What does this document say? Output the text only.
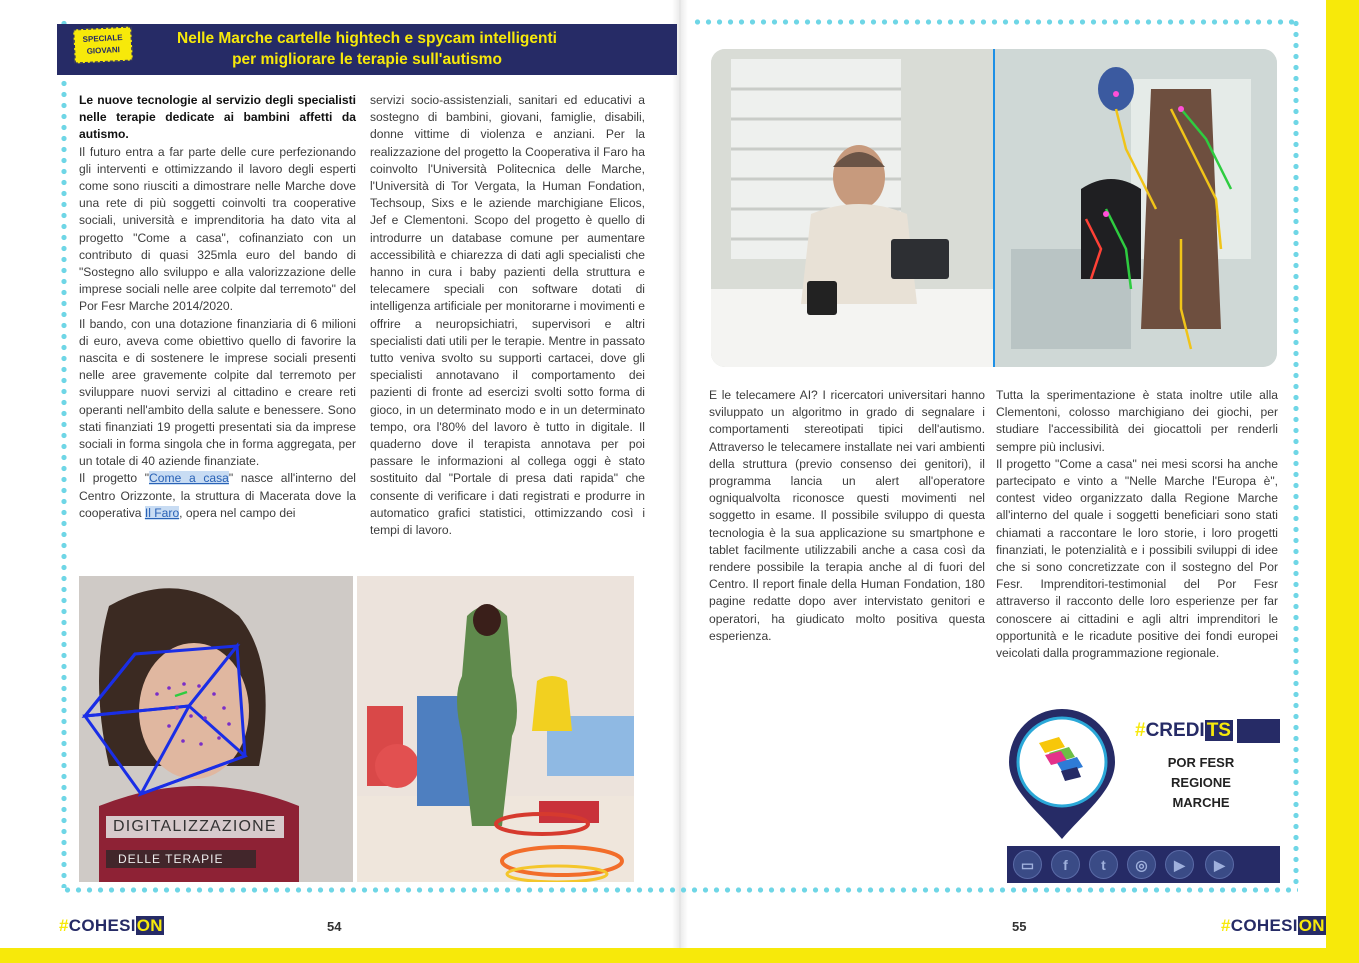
SPECIALE
GIOVANI
Nelle Marche cartelle hightech e spycam intelligenti
per migliorare le terapie sull'autismo

Le nuove tecnologie al servizio degli specialisti nelle terapie dedicate ai bambini affetti da autismo.

Il futuro entra a far parte delle cure perfezionando gli interventi e ottimizzando il lavoro degli esperti come sono riusciti a dimostrare nelle Marche dove una rete di più soggetti coinvolti tra cooperative sociali, università e imprenditoria ha dato vita al progetto "Come a casa", cofinanziato con un contributo di quasi 325mla euro del bando di "Sostegno allo sviluppo e alla valorizzazione delle imprese sociali nelle aree colpite dal terremoto" del Por Fesr Marche 2014/2020.

Il bando, con una dotazione finanziaria di 6 milioni di euro, aveva come obiettivo quello di favorire la nascita e di sostenere le imprese sociali presenti nelle aree gravemente colpite dal terremoto per sviluppare nuovi servizi al cittadino e creare reti operanti nell'ambito della salute e benessere. Sono stati finanziati 19 progetti presentati sia da imprese sociali in forma singola che in forma aggregata, per un totale di 40 aziende finanziate.

Il progetto "Come a casa" nasce all'interno del Centro Orizzonte, la struttura di Macerata dove la cooperativa Il Faro, opera nel campo dei

servizi socio-assistenziali, sanitari ed educativi a sostegno di bambini, giovani, famiglie, disabili, donne vittime di violenza e anziani. Per la realizzazione del progetto la Cooperativa il Faro ha coinvolto l'Università Politecnica delle Marche, l'Università di Tor Vergata, la Human Fondation, Techsoup, Sixs e le aziende marchigiane Elicos, Jef e Clementoni. Scopo del progetto è quello di introdurre un database comune per aumentare accessibilità e chiarezza di dati agli specialisti che hanno in cura i baby pazienti della struttura e telecamere speciali con software dotati di intelligenza artificiale per monitorarne i movimenti e offrire a neuropsichiatri, supervisori e altri specialisti dati utili per le terapie. Mentre in passato tutto veniva svolto su supporti cartacei, dove gli specialisti annotavano il comportamento dei pazienti di fronte ad esercizi svolti sotto forma di gioco, in un determinato modo e in un determinato tempo, ora l'80% del lavoro è tutto in digitale. Il quaderno dove il terapista annotava per poi passare le informazioni al collega oggi è stato sostituito dal "Portale di presa dati rapida" che consente di verificare i dati registrati e produrre in automatico grafici statistici, ottimizzando così i tempi di lavoro.

E le telecamere AI? I ricercatori universitari hanno sviluppato un algoritmo in grado di segnalare i comportamenti stereotipati tipici dell'autismo. Attraverso le telecamere installate nei vari ambienti della struttura (previo consenso dei genitori), il programma lancia un alert all'operatore ogniqualvolta riconosce questi movimenti nel soggetto in esame. Il possibile sviluppo di questa tecnologia è la sua applicazione su smartphone e tablet facilmente utilizzabili anche a casa così da rendere possibile la terapia anche al di fuori del Centro. Il report finale della Human Fondation, 180 pagine redatte dopo aver intervistato genitori e operatori, ha giudicato molto positiva questa esperienza.

Tutta la sperimentazione è stata inoltre utile alla Clementoni, colosso marchigiano dei giochi, per studiare l'accessibilità dei giocattoli per renderli sempre più inclusivi.

Il progetto "Come a casa" nei mesi scorsi ha anche partecipato e vinto a "Nelle Marche l'Europa è", contest video organizzato dalla Regione Marche all'interno del quale i soggetti beneficiari sono stati chiamati a raccontare le loro storie, i loro progetti finanziati, le potenzialità e i possibili sviluppi di idee che si sono concretizzate con il sostegno del Por Fesr. Imprenditori-testimonial del Por Fesr attraverso il racconto delle loro esperienze per far conoscere ai cittadini e agli altri imprenditori le opportunità e le ricadute positive dei fondi europei veicolati dalla programmazione regionale.

DIGITALIZZAZIONE
DELLE TERAPIE
#CREDI TS
POR FESR
REGIONE
MARCHE
▭	f	t	◎	▶	▶
#COHESION	54	55	#COHESION
